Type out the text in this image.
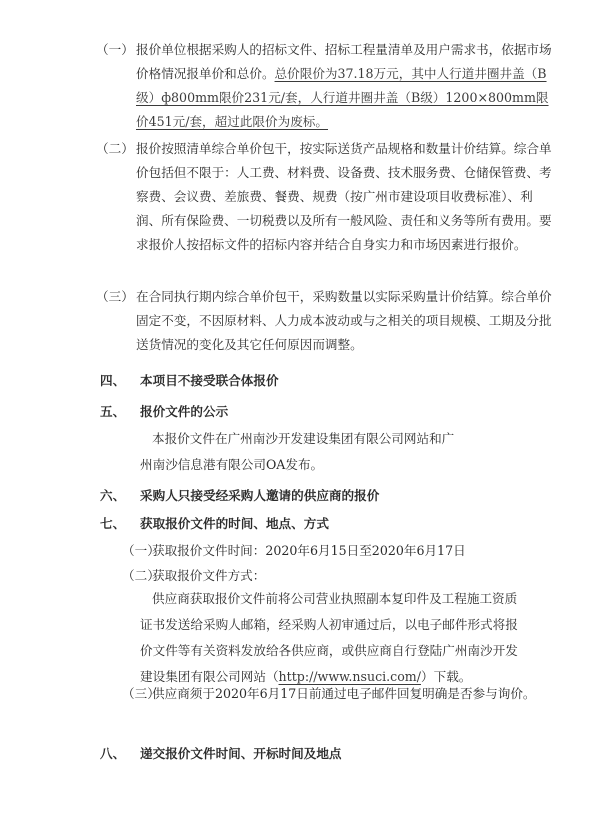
（一） 报价单位根据采购人的招标文件、招标工程量清单及用户需求书，依据市场价格情况报单价和总价。总价限价为37.18万元，其中人行道井圈井盖（B级）ф800mm限价231元/套，人行道井圈井盖（B级）1200×800mm限价451元/套，超过此限价为废标。
（二） 报价按照清单综合单价包干，按实际送货产品规格和数量计价结算。综合单价包括但不限于：人工费、材料费、设备费、技术服务费、仓储保管费、考察费、会议费、差旅费、餐费、规费（按广州市建设项目收费标准）、利润、所有保险费、一切税费以及所有一般风险、责任和义务等所有费用。要求报价人按招标文件的招标内容并结合自身实力和市场因素进行报价。
（三） 在合同执行期内综合单价包干，采购数量以实际采购量计价结算。综合单价固定不变，不因原材料、人力成本波动或与之相关的项目规模、工期及分批送货情况的变化及其它任何原因而调整。
四、 本项目不接受联合体报价
五、 报价文件的公示
本报价文件在广州南沙开发建设集团有限公司网站和广州南沙信息港有限公司OA发布。
六、 采购人只接受经采购人邀请的供应商的报价
七、 获取报价文件的时间、地点、方式
（一）获取报价文件时间：2020年6月15日至2020年6月17日
（二）获取报价文件方式：
供应商获取报价文件前将公司营业执照副本复印件及工程施工资质证书发送给采购人邮箱，经采购人初审通过后，以电子邮件形式将报价文件等有关资料发放给各供应商，或供应商自行登陆广州南沙开发建设集团有限公司网站（http://www.nsuci.com/）下载。
（三）供应商须于2020年6月17日前通过电子邮件回复明确是否参与询价。
八、 递交报价文件时间、开标时间及地点
